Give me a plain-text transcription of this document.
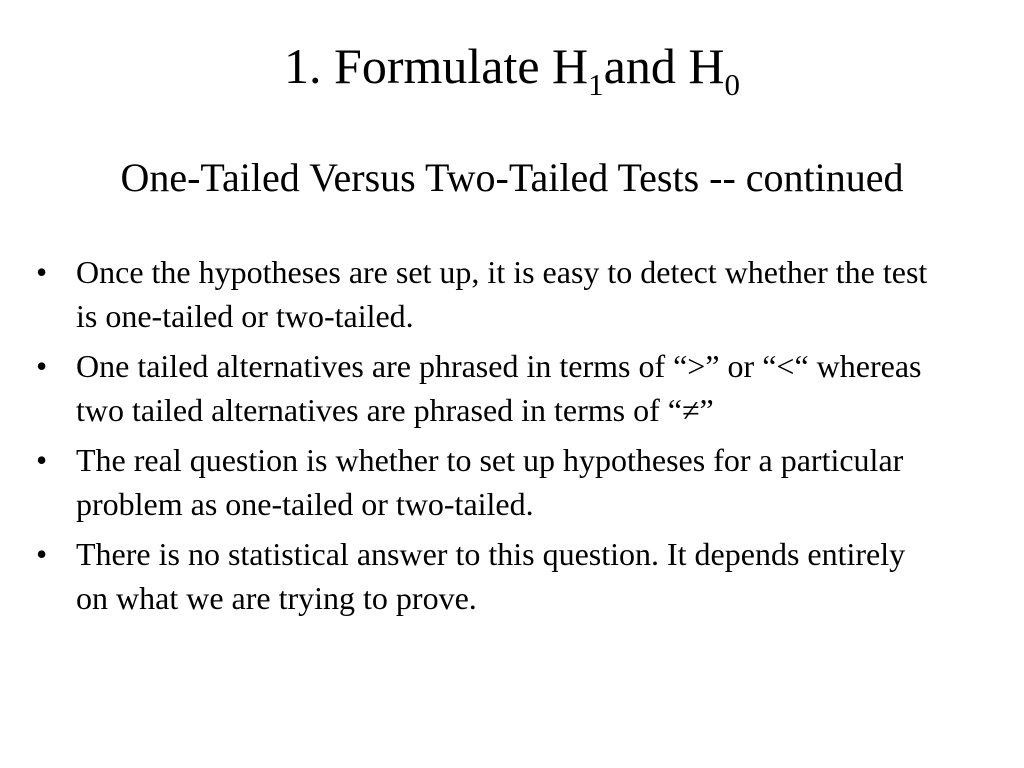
1. Formulate $H_1and$ $H_0$
One-Tailed Versus Two-Tailed Tests -- continued
• Once the hypotheses are set up, it is easy to detect whether the test is one-tailed or two-tailed.
• One tailed alternatives are phrased in terms of “>” or “<“ whereas two tailed alternatives are phrased in terms of “≠”
• The real question is whether to set up hypotheses for a particular problem as one-tailed or two-tailed.
• There is no statistical answer to this question. It depends entirely on what we are trying to prove.
